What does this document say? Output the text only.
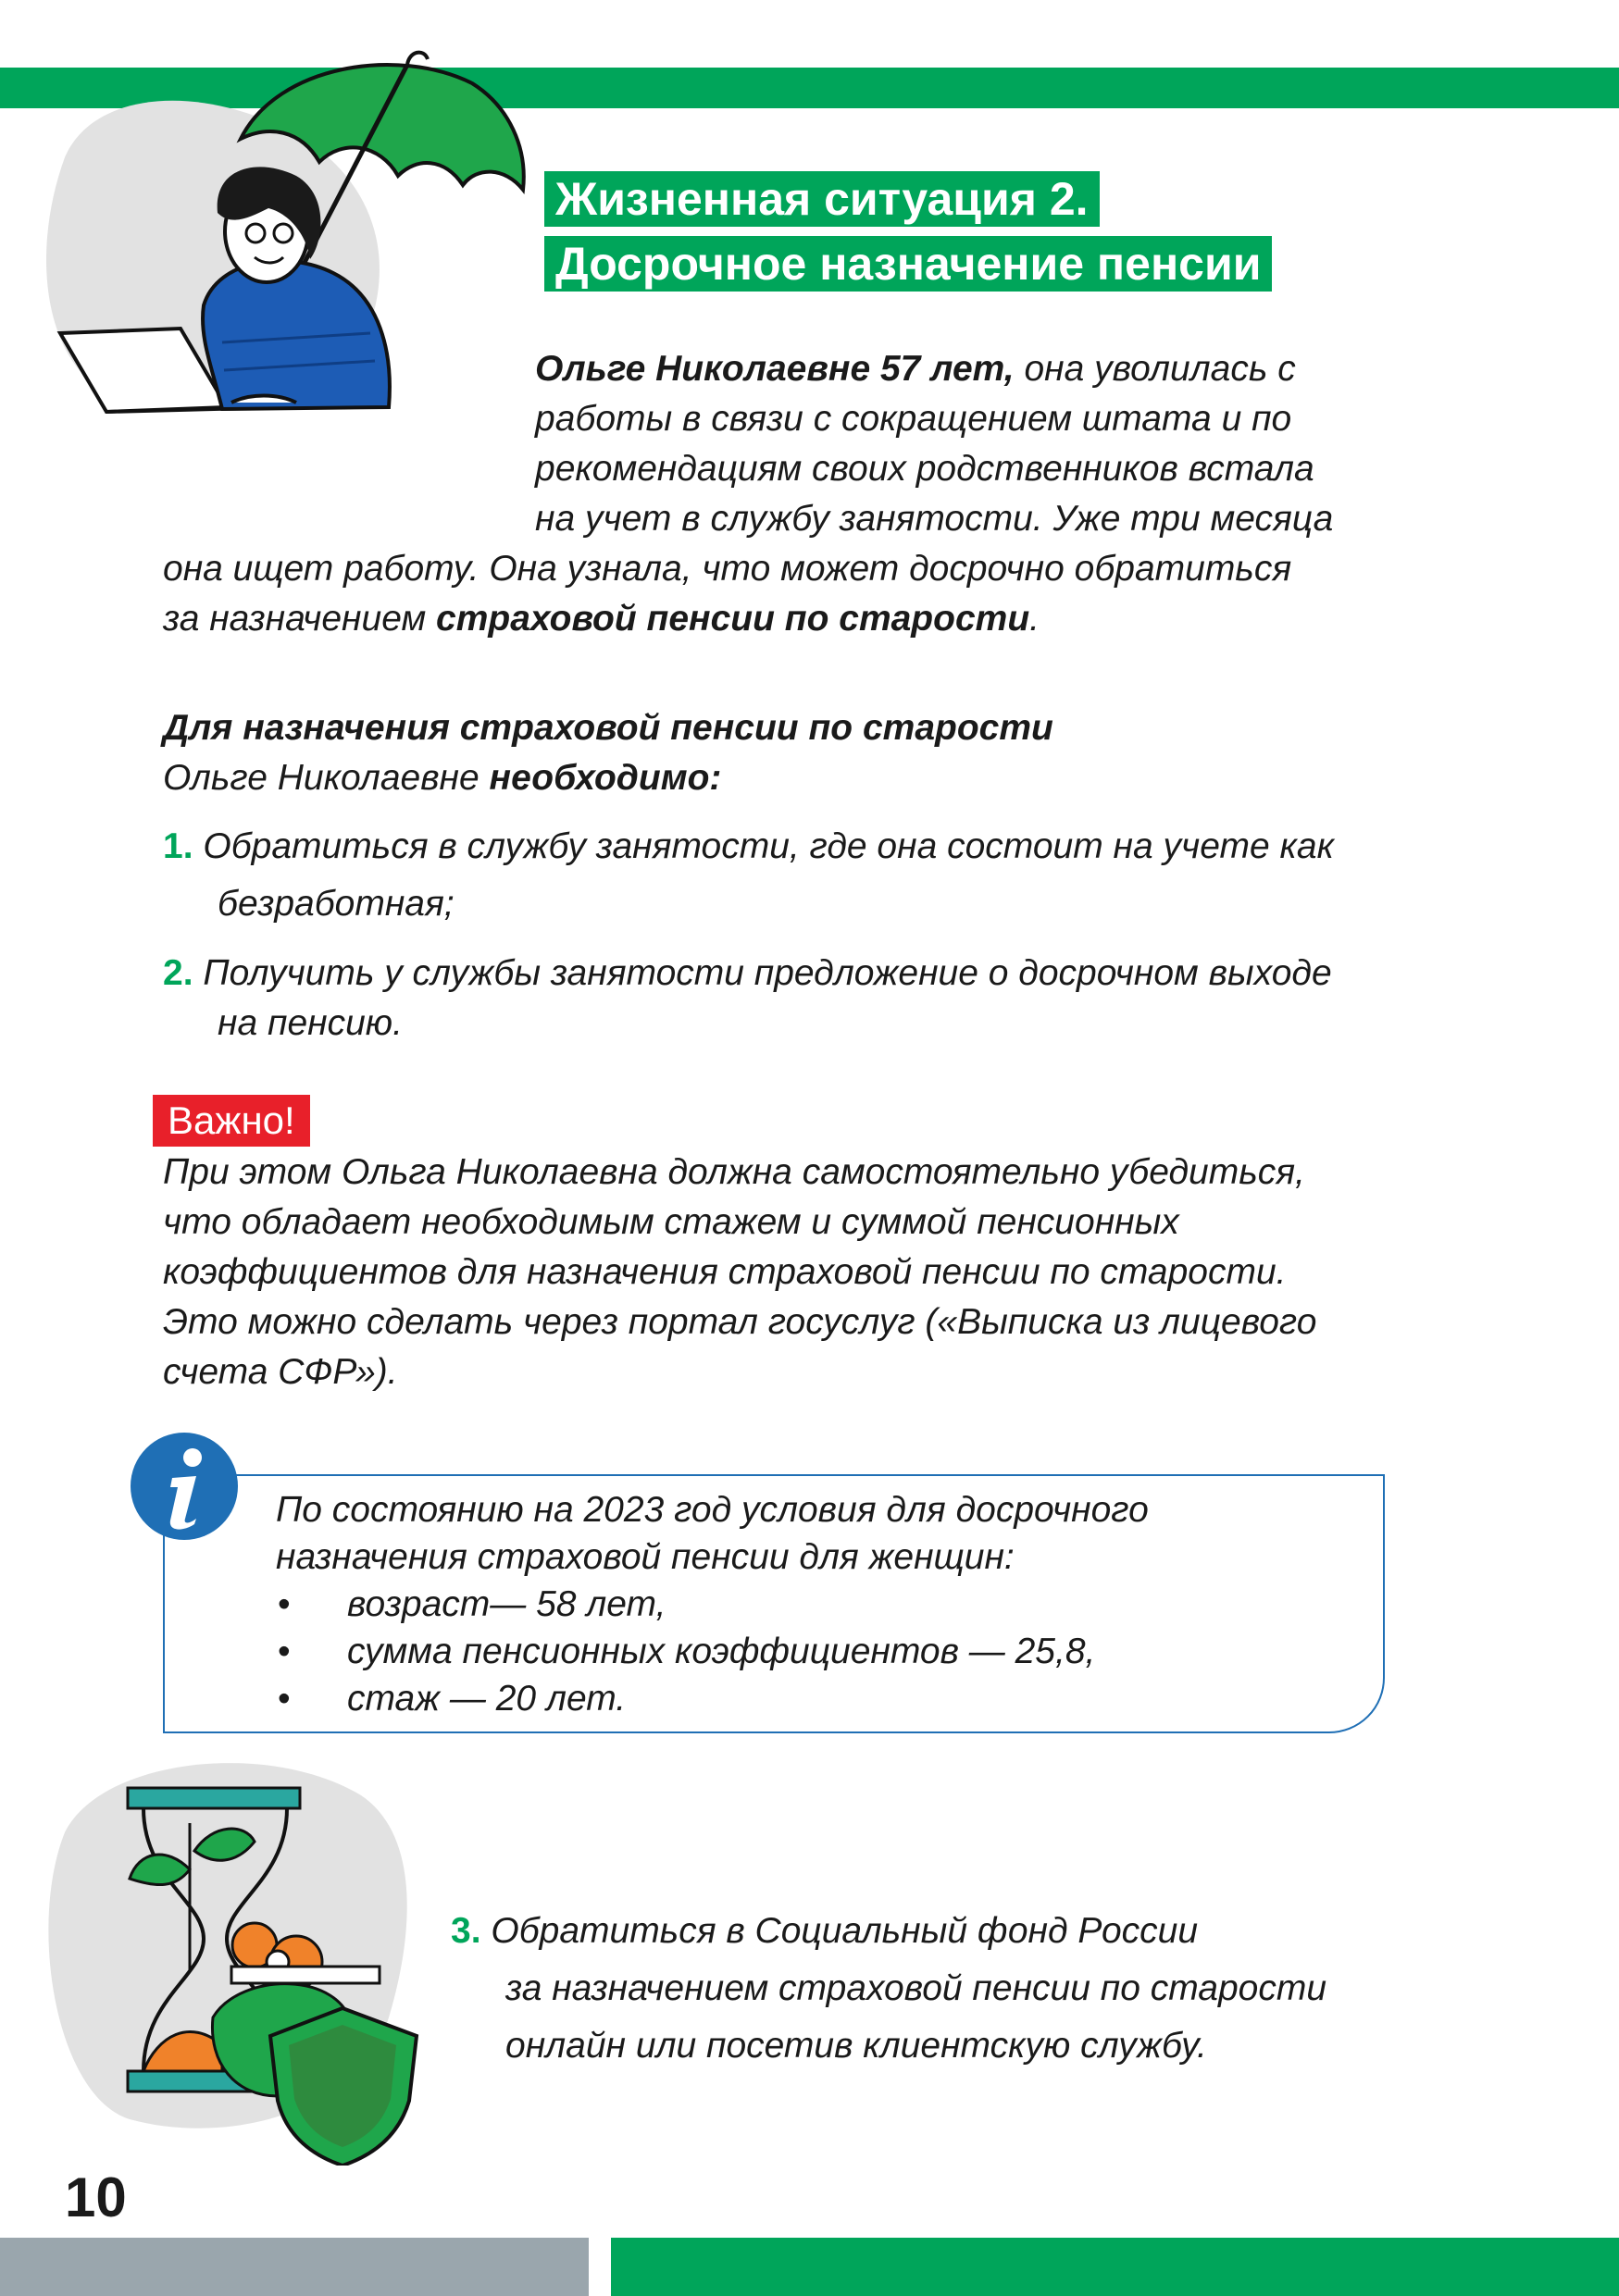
Жизненная ситуация 2.
Досрочное назначение пенсии
Ольге Николаевне 57 лет, она уволилась с
работы в связи с сокращением штата и по
рекомендациям своих родственников встала
на учет в службу занятости. Уже три месяца
она ищет работу. Она узнала, что может досрочно обратиться
за назначением страховой пенсии по старости.
Для назначения страховой пенсии по старости
Ольге Николаевне необходимо:
1. Обратиться в службу занятости, где она состоит на учете как
безработная;
2. Получить у службы занятости предложение о досрочном выходе
на пенсию.
Важно!
При этом Ольга Николаевна должна самостоятельно убедиться,
что обладает необходимым стажем и суммой пенсионных
коэффициентов для назначения страховой пенсии по старости.
Это можно сделать через портал госуслуг («Выписка из лицевого
счета СФР»).
По состоянию на 2023 год условия для досрочного
назначения страховой пенсии для женщин:
• возраст— 58 лет,
• сумма пенсионных коэффициентов — 25,8,
• стаж — 20 лет.
3. Обратиться в Социальный фонд России
за назначением страховой пенсии по старости
онлайн или посетив клиентскую службу.
10
